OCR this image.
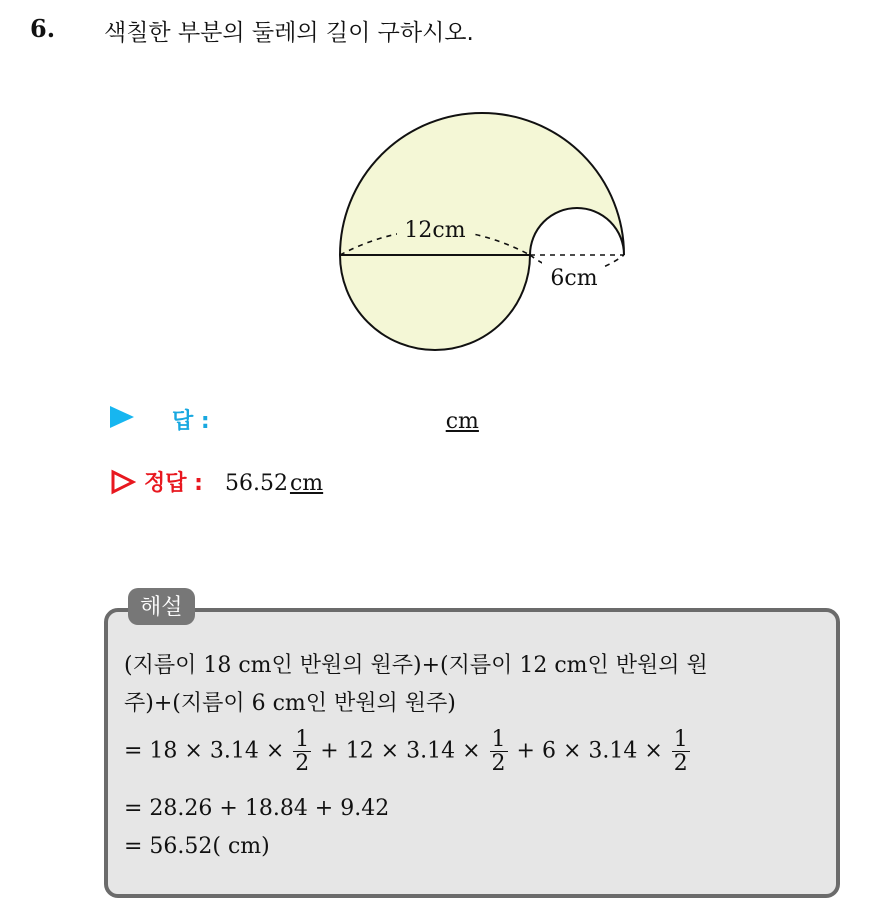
6. 색칠한 부분의 둘레의 길이 구하시오.
12cm
6cm
답 :	cm
정답 : 56.52 cm
해설
(지름이 18 cm인 반원의 원주)+(지름이 12 cm인 반원의 원
주)+(지름이 6 cm인 반원의 원주)
= $18 \times 3.14 \times \frac{1}{2} + 12 \times 3.14 \times \frac{1}{2} + 6 \times 3.14 \times \frac{1}{2}$
= 28.26 + 18.84 + 9.42
= 56.52( cm)
